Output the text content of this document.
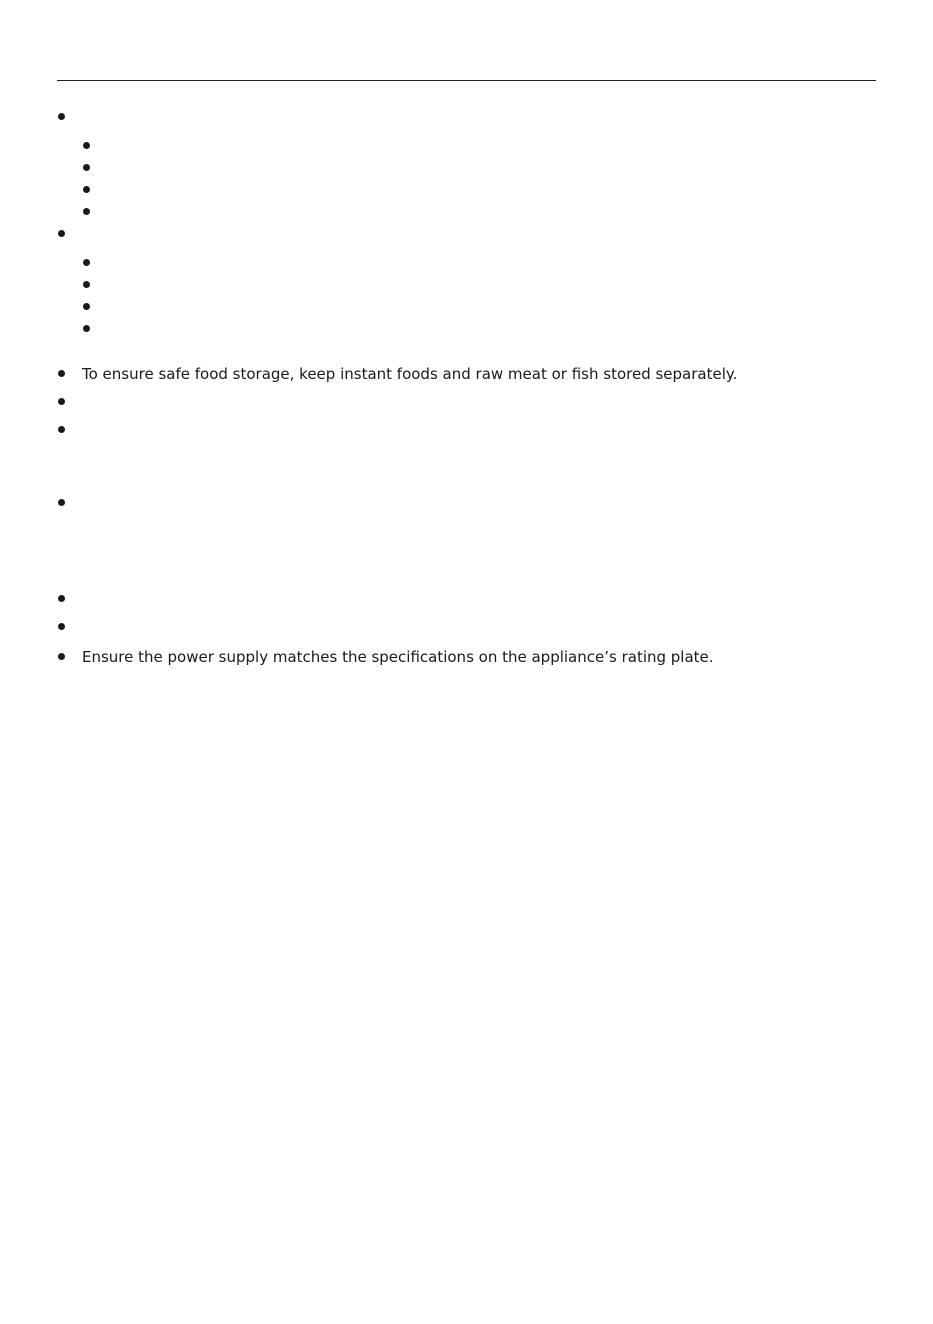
To ensure safe food storage, keep instant foods and raw meat or fish stored separately.
Ensure the power supply matches the specifications on the appliance’s rating plate.
